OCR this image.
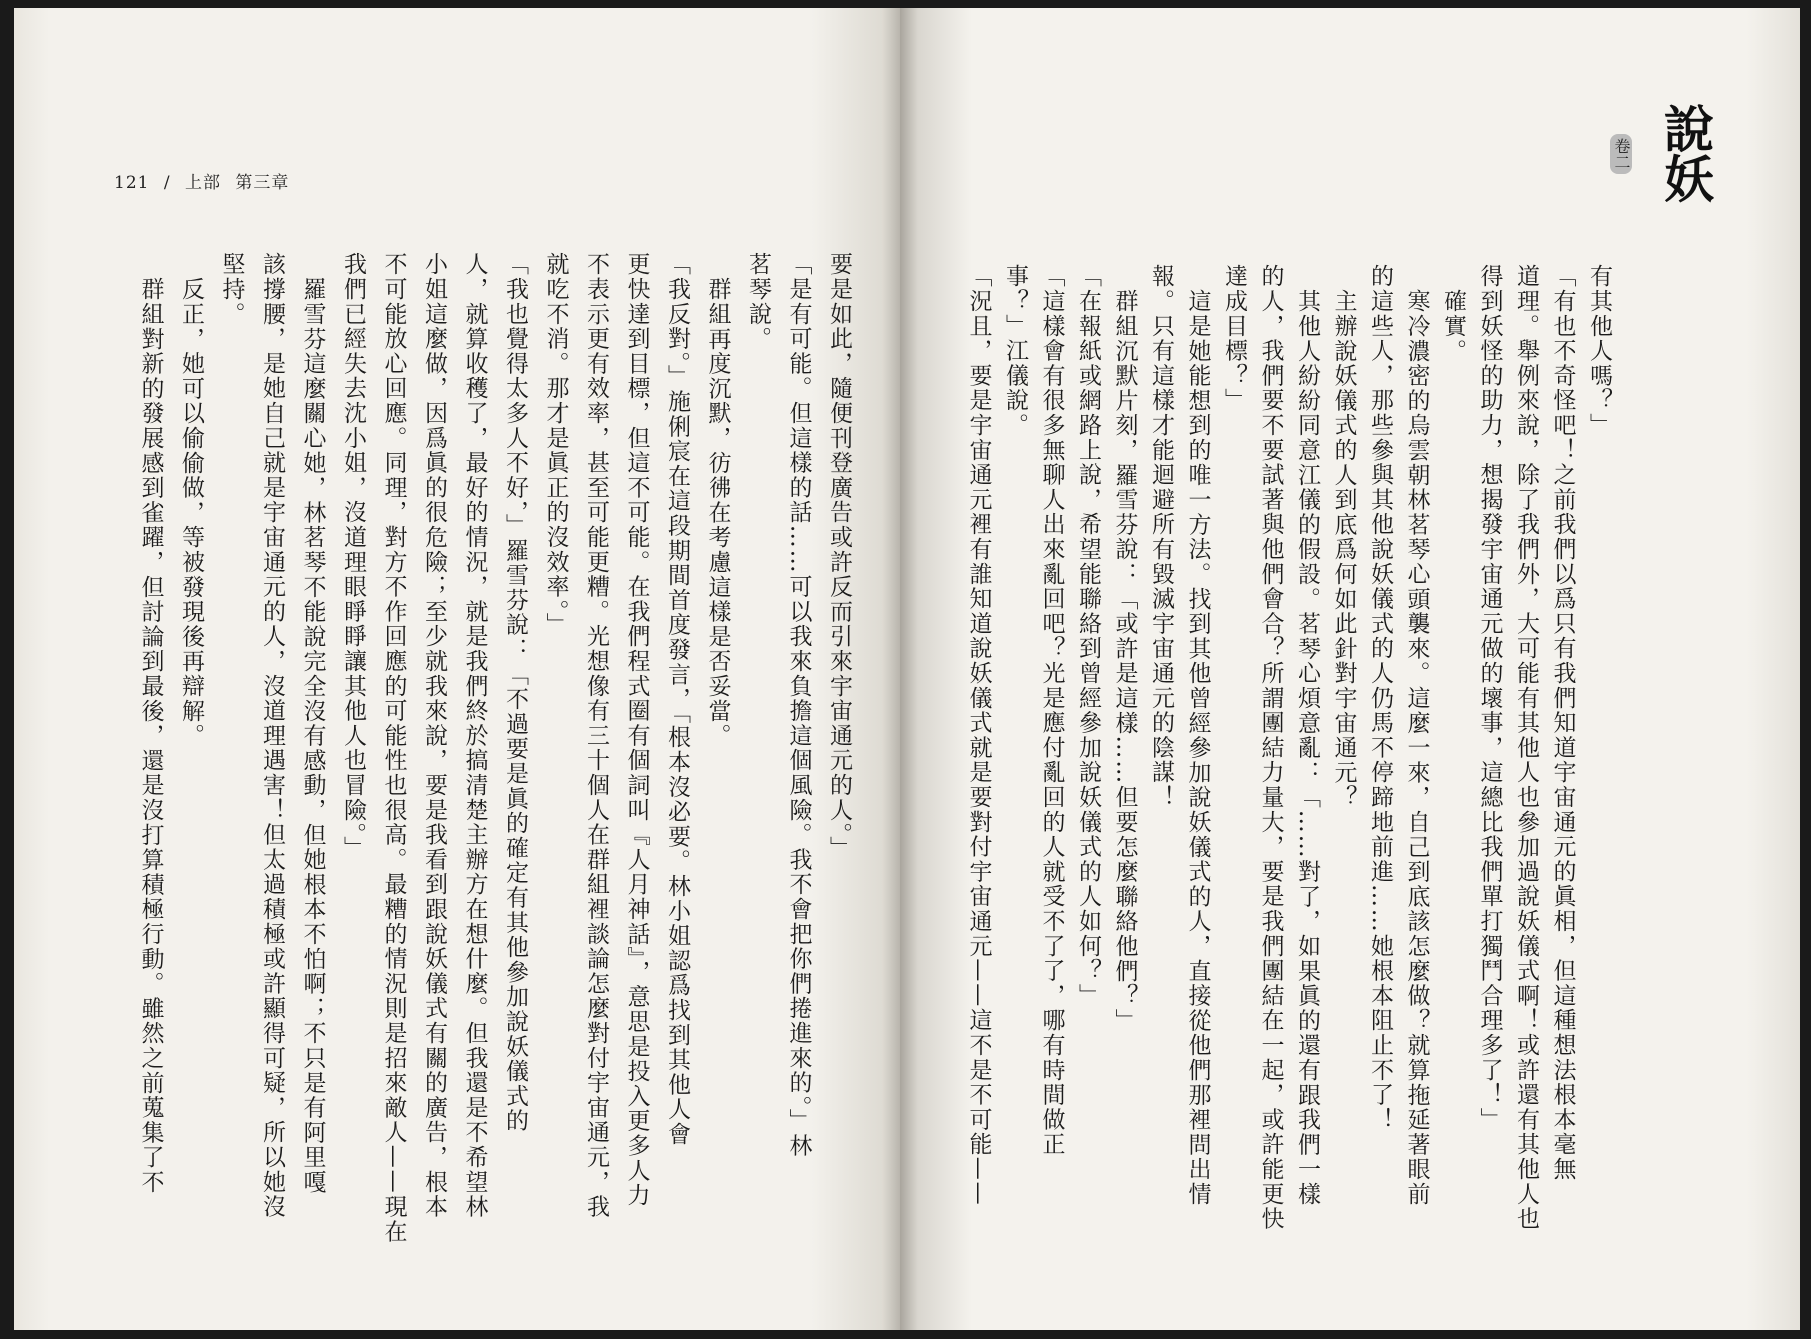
121 / 上部 第三章
要是如此，隨便刊登廣告或許反而引來宇宙通元的人。」
「是有可能。但這樣的話……可以我來負擔這個風險。我不會把你們捲進來的。」林
茗琴說。
群組再度沉默，彷彿在考慮這樣是否妥當。
「我反對。」施俐宸在這段期間首度發言，「根本沒必要。林小姐認爲找到其他人會
更快達到目標，但這不可能。在我們程式圈有個詞叫『人月神話』，意思是投入更多人力
不表示更有效率，甚至可能更糟。光想像有三十個人在群組裡談論怎麼對付宇宙通元，我
就吃不消。那才是眞正的沒效率。」
「我也覺得太多人不好，」羅雪芬說：「不過要是眞的確定有其他參加說妖儀式的
人，就算收穫了，最好的情況，就是我們終於搞清楚主辦方在想什麼。但我還是不希望林
小姐這麼做，因爲眞的很危險；至少就我來說，要是我看到跟說妖儀式有關的廣告，根本
不可能放心回應。同理，對方不作回應的可能性也很高。最糟的情況則是招來敵人——現在
我們已經失去沈小姐，沒道理眼睜睜讓其他人也冒險。」
羅雪芬這麼關心她，林茗琴不能說完全沒有感動，但她根本不怕啊；不只是有阿里嘎
該撐腰，是她自己就是宇宙通元的人，沒道理遇害！但太過積極或許顯得可疑，所以她沒
堅持。
反正，她可以偷偷做，等被發現後再辯解。
群組對新的發展感到雀躍，但討論到最後，還是沒打算積極行動。雖然之前蒐集了不
說妖
卷二
有其他人嗎？」
「有也不奇怪吧！之前我們以爲只有我們知道宇宙通元的眞相，但這種想法根本毫無
道理。舉例來說，除了我們外，大可能有其他人也參加過說妖儀式啊！或許還有其他人也
得到妖怪的助力，想揭發宇宙通元做的壞事，這總比我們單打獨鬥合理多了！」
確實。
寒冷濃密的烏雲朝林茗琴心頭襲來。這麼一來，自己到底該怎麼做？就算拖延著眼前
的這些人，那些參與其他說妖儀式的人仍馬不停蹄地前進……她根本阻止不了！
主辦說妖儀式的人到底爲何如此針對宇宙通元？
其他人紛紛同意江儀的假設。茗琴心煩意亂：「……對了，如果眞的還有跟我們一樣
的人，我們要不要試著與他們會合？所謂團結力量大，要是我們團結在一起，或許能更快
達成目標？」
這是她能想到的唯一方法。找到其他曾經參加說妖儀式的人，直接從他們那裡問出情
報。只有這樣才能迴避所有毀滅宇宙通元的陰謀！
群組沉默片刻，羅雪芬說：「或許是這樣……但要怎麼聯絡他們？」
「在報紙或網路上說，希望能聯絡到曾經參加說妖儀式的人如何？」
「這樣會有很多無聊人出來亂回吧？光是應付亂回的人就受不了了，哪有時間做正
事？」江儀說。
「況且，要是宇宙通元裡有誰知道說妖儀式就是要對付宇宙通元——這不是不可能——
